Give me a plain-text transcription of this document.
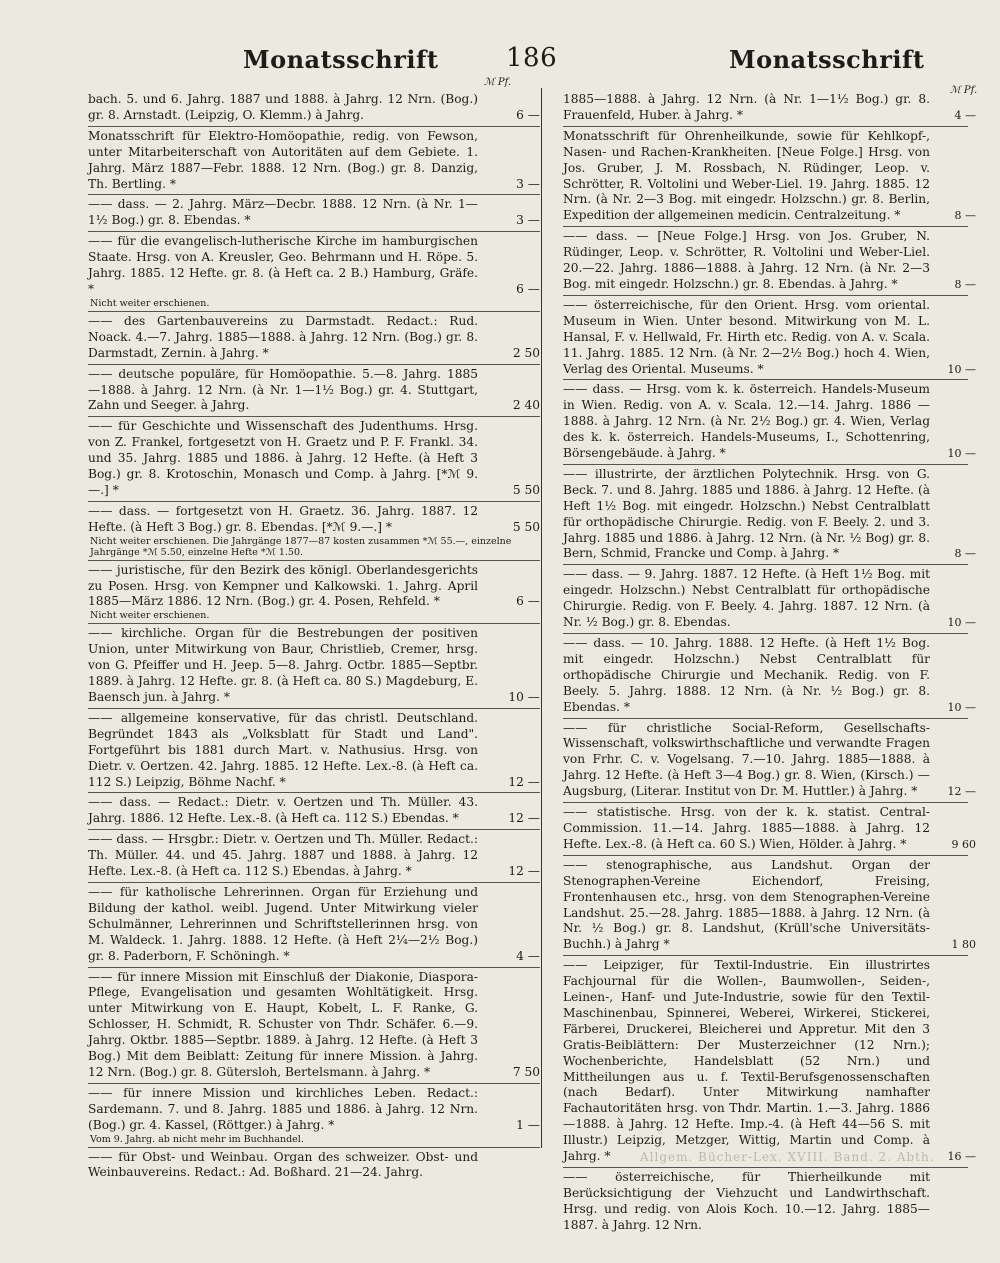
Monatsschrift	186	Monatsschrift
ℳ Pf.
ℳ Pf.
bach. 5. und 6. Jahrg. 1887 und 1888. à Jahrg. 12 Nrn. (Bog.) gr. 8. Arnstadt. (Leipzig, O. Klemm.) à Jahrg.	6 —
Monatsschrift für Elektro-Homöopathie, redig. von Fewson, unter Mitarbeiterschaft von Autoritäten auf dem Gebiete. 1. Jahrg. März 1887—Febr. 1888. 12 Nrn. (Bog.) gr. 8. Danzig, Th. Bertling. *	3 —
—— dass. — 2. Jahrg. März—Decbr. 1888. 12 Nrn. (à Nr. 1—1½ Bog.) gr. 8. Ebendas. *	3 —
—— für die evangelisch-lutherische Kirche im hamburgischen Staate. Hrsg. von A. Kreusler, Geo. Behrmann und H. Röpe. 5. Jahrg. 1885. 12 Hefte. gr. 8. (à Heft ca. 2 B.) Hamburg, Gräfe. *	6 —
Nicht weiter erschienen.
—— des Gartenbauvereins zu Darmstadt. Redact.: Rud. Noack. 4.—7. Jahrg. 1885—1888. à Jahrg. 12 Nrn. (Bog.) gr. 8. Darmstadt, Zernin. à Jahrg. *	2 50
—— deutsche populäre, für Homöopathie. 5.—8. Jahrg. 1885 —1888. à Jahrg. 12 Nrn. (à Nr. 1—1½ Bog.) gr. 4. Stuttgart, Zahn und Seeger. à Jahrg.	2 40
—— für Geschichte und Wissenschaft des Judenthums. Hrsg. von Z. Frankel, fortgesetzt von H. Graetz und P. F. Frankl. 34. und 35. Jahrg. 1885 und 1886. à Jahrg. 12 Hefte. (à Heft 3 Bog.) gr. 8. Krotoschin, Monasch und Comp. à Jahrg. [*ℳ 9.—.] *	5 50
—— dass. — fortgesetzt von H. Graetz. 36. Jahrg. 1887. 12 Hefte. (à Heft 3 Bog.) gr. 8. Ebendas. [*ℳ 9.—.] *	5 50
Nicht weiter erschienen. Die Jahrgänge 1877—87 kosten zusammen *ℳ 55.—, einzelne Jahrgänge *ℳ 5.50, einzelne Hefte *ℳ 1.50.
—— juristische, für den Bezirk des königl. Oberlandesgerichts zu Posen. Hrsg. von Kempner und Kalkowski. 1. Jahrg. April 1885—März 1886. 12 Nrn. (Bog.) gr. 4. Posen, Rehfeld. *	6 —
Nicht weiter erschienen.
—— kirchliche. Organ für die Bestrebungen der positiven Union, unter Mitwirkung von Baur, Christlieb, Cremer, hrsg. von G. Pfeiffer und H. Jeep. 5—8. Jahrg. Octbr. 1885—Septbr. 1889. à Jahrg. 12 Hefte. gr. 8. (à Heft ca. 80 S.) Magdeburg, E. Baensch jun. à Jahrg. *	10 —
—— allgemeine konservative, für das christl. Deutschland. Begründet 1843 als „Volksblatt für Stadt und Land". Fortgeführt bis 1881 durch Mart. v. Nathusius. Hrsg. von Dietr. v. Oertzen. 42. Jahrg. 1885. 12 Hefte. Lex.-8. (à Heft ca. 112 S.) Leipzig, Böhme Nachf. *	12 —
—— dass. — Redact.: Dietr. v. Oertzen und Th. Müller. 43. Jahrg. 1886. 12 Hefte. Lex.-8. (à Heft ca. 112 S.) Ebendas. *	12 —
—— dass. — Hrsgbr.: Dietr. v. Oertzen und Th. Müller. Redact.: Th. Müller. 44. und 45. Jahrg. 1887 und 1888. à Jahrg. 12 Hefte. Lex.-8. (à Heft ca. 112 S.) Ebendas. à Jahrg. *	12 —
—— für katholische Lehrerinnen. Organ für Erziehung und Bildung der kathol. weibl. Jugend. Unter Mitwirkung vieler Schulmänner, Lehrerinnen und Schriftstellerinnen hrsg. von M. Waldeck. 1. Jahrg. 1888. 12 Hefte. (à Heft 2¼—2½ Bog.) gr. 8. Paderborn, F. Schöningh. *	4 —
—— für innere Mission mit Einschluß der Diakonie, Diaspora-Pflege, Evangelisation und gesamten Wohltätigkeit. Hrsg. unter Mitwirkung von E. Haupt, Kobelt, L. F. Ranke, G. Schlosser, H. Schmidt, R. Schuster von Thdr. Schäfer. 6.—9. Jahrg. Oktbr. 1885—Septbr. 1889. à Jahrg. 12 Hefte. (à Heft 3 Bog.) Mit dem Beiblatt: Zeitung für innere Mission. à Jahrg. 12 Nrn. (Bog.) gr. 8. Gütersloh, Bertelsmann. à Jahrg. *	7 50
—— für innere Mission und kirchliches Leben. Redact.: Sardemann. 7. und 8. Jahrg. 1885 und 1886. à Jahrg. 12 Nrn. (Bog.) gr. 4. Kassel, (Röttger.) à Jahrg. *	1 —
Vom 9. Jahrg. ab nicht mehr im Buchhandel.
—— für Obst- und Weinbau. Organ des schweizer. Obst- und Weinbauvereins. Redact.: Ad. Boßhard. 21—24. Jahrg.
1885—1888. à Jahrg. 12 Nrn. (à Nr. 1—1½ Bog.) gr. 8. Frauenfeld, Huber. à Jahrg. *	4 —
Monatsschrift für Ohrenheilkunde, sowie für Kehlkopf-, Nasen- und Rachen-Krankheiten. [Neue Folge.] Hrsg. von Jos. Gruber, J. M. Rossbach, N. Rüdinger, Leop. v. Schrötter, R. Voltolini und Weber-Liel. 19. Jahrg. 1885. 12 Nrn. (à Nr. 2—3 Bog. mit eingedr. Holzschn.) gr. 8. Berlin, Expedition der allgemeinen medicin. Centralzeitung. *	8 —
—— dass. — [Neue Folge.] Hrsg. von Jos. Gruber, N. Rüdinger, Leop. v. Schrötter, R. Voltolini und Weber-Liel. 20.—22. Jahrg. 1886—1888. à Jahrg. 12 Nrn. (à Nr. 2—3 Bog. mit eingedr. Holzschn.) gr. 8. Ebendas. à Jahrg. *	8 —
—— österreichische, für den Orient. Hrsg. vom oriental. Museum in Wien. Unter besond. Mitwirkung von M. L. Hansal, F. v. Hellwald, Fr. Hirth etc. Redig. von A. v. Scala. 11. Jahrg. 1885. 12 Nrn. (à Nr. 2—2½ Bog.) hoch 4. Wien, Verlag des Oriental. Museums. *	10 —
—— dass. — Hrsg. vom k. k. österreich. Handels-Museum in Wien. Redig. von A. v. Scala. 12.—14. Jahrg. 1886 —1888. à Jahrg. 12 Nrn. (à Nr. 2½ Bog.) gr. 4. Wien, Verlag des k. k. österreich. Handels-Museums, I., Schottenring, Börsengebäude. à Jahrg. *	10 —
—— illustrirte, der ärztlichen Polytechnik. Hrsg. von G. Beck. 7. und 8. Jahrg. 1885 und 1886. à Jahrg. 12 Hefte. (à Heft 1½ Bog. mit eingedr. Holzschn.) Nebst Centralblatt für orthopädische Chirurgie. Redig. von F. Beely. 2. und 3. Jahrg. 1885 und 1886. à Jahrg. 12 Nrn. (à Nr. ½ Bog) gr. 8. Bern, Schmid, Francke und Comp. à Jahrg. *	8 —
—— dass. — 9. Jahrg. 1887. 12 Hefte. (à Heft 1½ Bog. mit eingedr. Holzschn.) Nebst Centralblatt für orthopädische Chirurgie. Redig. von F. Beely. 4. Jahrg. 1887. 12 Nrn. (à Nr. ½ Bog.) gr. 8. Ebendas.	10 —
—— dass. — 10. Jahrg. 1888. 12 Hefte. (à Heft 1½ Bog. mit eingedr. Holzschn.) Nebst Centralblatt für orthopädische Chirurgie und Mechanik. Redig. von F. Beely. 5. Jahrg. 1888. 12 Nrn. (à Nr. ½ Bog.) gr. 8. Ebendas. *	10 —
—— für christliche Social-Reform, Gesellschafts-Wissenschaft, volkswirthschaftliche und verwandte Fragen von Frhr. C. v. Vogelsang. 7.—10. Jahrg. 1885—1888. à Jahrg. 12 Hefte. (à Heft 3—4 Bog.) gr. 8. Wien, (Kirsch.) — Augsburg, (Literar. Institut von Dr. M. Huttler.) à Jahrg. *	12 —
—— statistische. Hrsg. von der k. k. statist. Central-Commission. 11.—14. Jahrg. 1885—1888. à Jahrg. 12 Hefte. Lex.-8. (à Heft ca. 60 S.) Wien, Hölder. à Jahrg. *	9 60
—— stenographische, aus Landshut. Organ der Stenographen-Vereine Eichendorf, Freising, Frontenhausen etc., hrsg. von dem Stenographen-Vereine Landshut. 25.—28. Jahrg. 1885—1888. à Jahrg. 12 Nrn. (à Nr. ½ Bog.) gr. 8. Landshut, (Krüll'sche Universitäts-Buchh.) à Jahrg *	1 80
—— Leipziger, für Textil-Industrie. Ein illustrirtes Fachjournal für die Wollen-, Baumwollen-, Seiden-, Leinen-, Hanf- und Jute-Industrie, sowie für den Textil-Maschinenbau, Spinnerei, Weberei, Wirkerei, Stickerei, Färberei, Druckerei, Bleicherei und Appretur. Mit den 3 Gratis-Beiblättern: Der Musterzeichner (12 Nrn.); Wochenberichte, Handelsblatt (52 Nrn.) und Mittheilungen aus u. f. Textil-Berufsgenossenschaften (nach Bedarf). Unter Mitwirkung namhafter Fachautoritäten hrsg. von Thdr. Martin. 1.—3. Jahrg. 1886—1888. à Jahrg. 12 Hefte. Imp.-4. (à Heft 44—56 S. mit Illustr.) Leipzig, Metzger, Wittig, Martin und Comp. à Jahrg. *	16 —
—— österreichische, für Thierheilkunde mit Berücksichtigung der Viehzucht und Landwirthschaft. Hrsg. und redig. von Alois Koch. 10.—12. Jahrg. 1885—1887. à Jahrg. 12 Nrn.
Allgem. Bücher-Lex. XVIII. Band. 2. Abth.
